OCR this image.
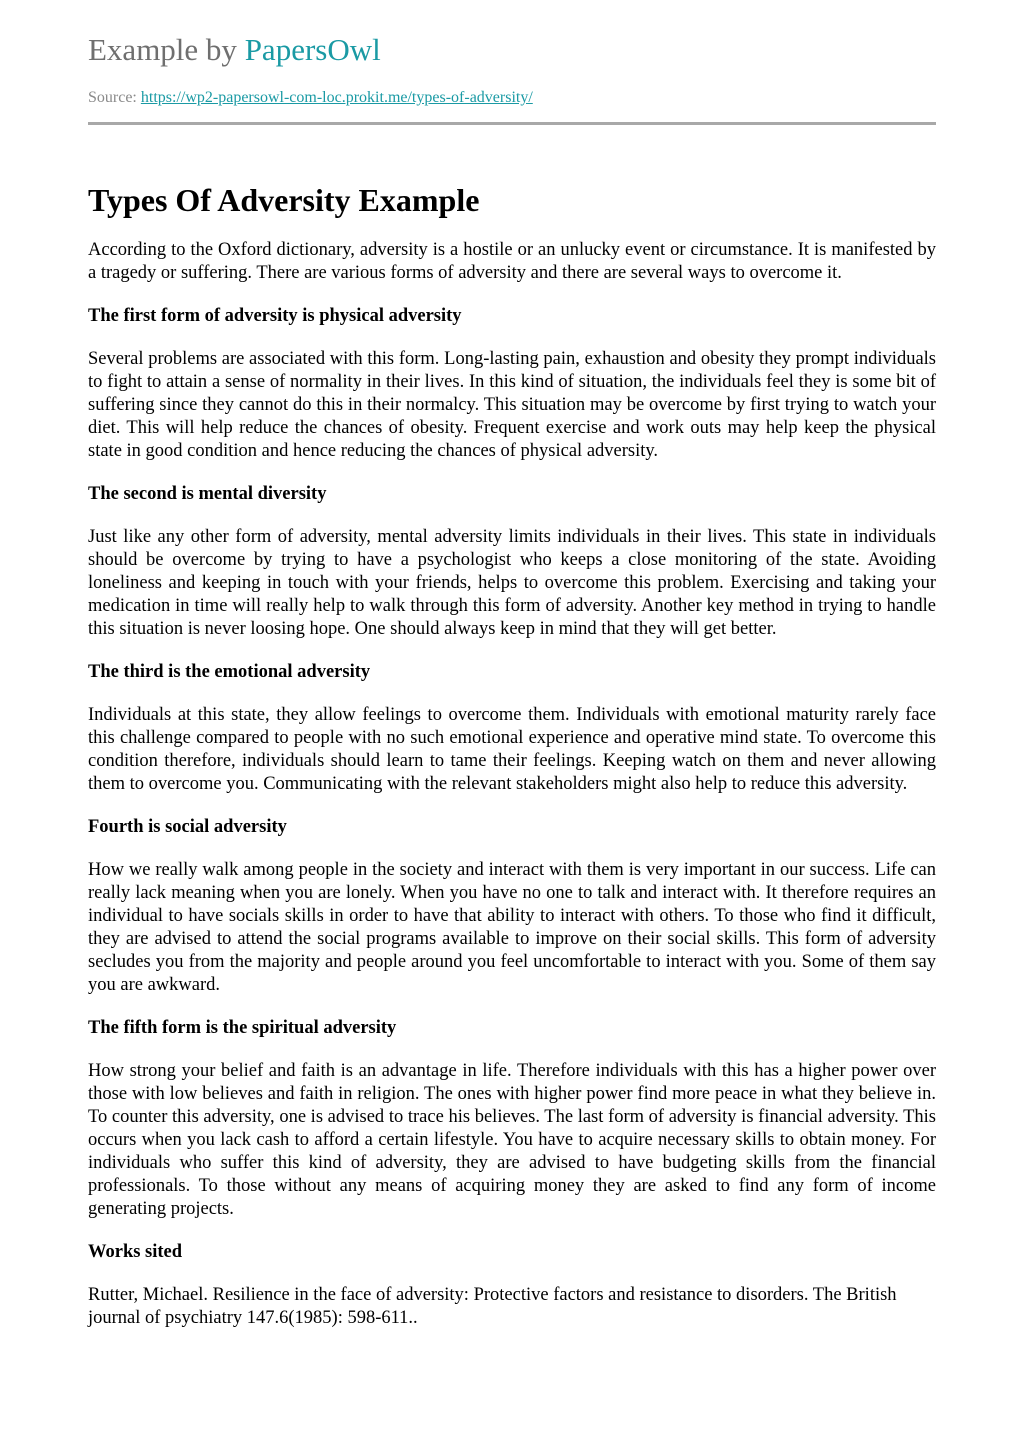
Example by PapersOwl
Source: https://wp2-papersowl-com-loc.prokit.me/types-of-adversity/
Types Of Adversity Example

According to the Oxford dictionary, adversity is a hostile or an unlucky event or circumstance. It is manifested by a tragedy or suffering. There are various forms of adversity and there are several ways to overcome it.

The first form of adversity is physical adversity

Several problems are associated with this form. Long-lasting pain, exhaustion and obesity they prompt individuals to fight to attain a sense of normality in their lives. In this kind of situation, the individuals feel they is some bit of suffering since they cannot do this in their normalcy. This situation may be overcome by first trying to watch your diet. This will help reduce the chances of obesity. Frequent exercise and work outs may help keep the physical state in good condition and hence reducing the chances of physical adversity.

The second is mental diversity

Just like any other form of adversity, mental adversity limits individuals in their lives. This state in individuals should be overcome by trying to have a psychologist who keeps a close monitoring of the state. Avoiding loneliness and keeping in touch with your friends, helps to overcome this problem. Exercising and taking your medication in time will really help to walk through this form of adversity. Another key method in trying to handle this situation is never loosing hope. One should always keep in mind that they will get better.

The third is the emotional adversity

Individuals at this state, they allow feelings to overcome them. Individuals with emotional maturity rarely face this challenge compared to people with no such emotional experience and operative mind state. To overcome this condition therefore, individuals should learn to tame their feelings. Keeping watch on them and never allowing them to overcome you. Communicating with the relevant stakeholders might also help to reduce this adversity.

Fourth is social adversity

How we really walk among people in the society and interact with them is very important in our success. Life can really lack meaning when you are lonely. When you have no one to talk and interact with. It therefore requires an individual to have socials skills in order to have that ability to interact with others. To those who find it difficult, they are advised to attend the social programs available to improve on their social skills. This form of adversity secludes you from the majority and people around you feel uncomfortable to interact with you. Some of them say you are awkward.

The fifth form is the spiritual adversity

How strong your belief and faith is an advantage in life. Therefore individuals with this has a higher power over those with low believes and faith in religion. The ones with higher power find more peace in what they believe in. To counter this adversity, one is advised to trace his believes. The last form of adversity is financial adversity. This occurs when you lack cash to afford a certain lifestyle. You have to acquire necessary skills to obtain money. For individuals who suffer this kind of adversity, they are advised to have budgeting skills from the financial professionals. To those without any means of acquiring money they are asked to find any form of income generating projects.

Works sited

Rutter, Michael. Resilience in the face of adversity: Protective factors and resistance to disorders. The British journal of psychiatry 147.6(1985): 598-611..
